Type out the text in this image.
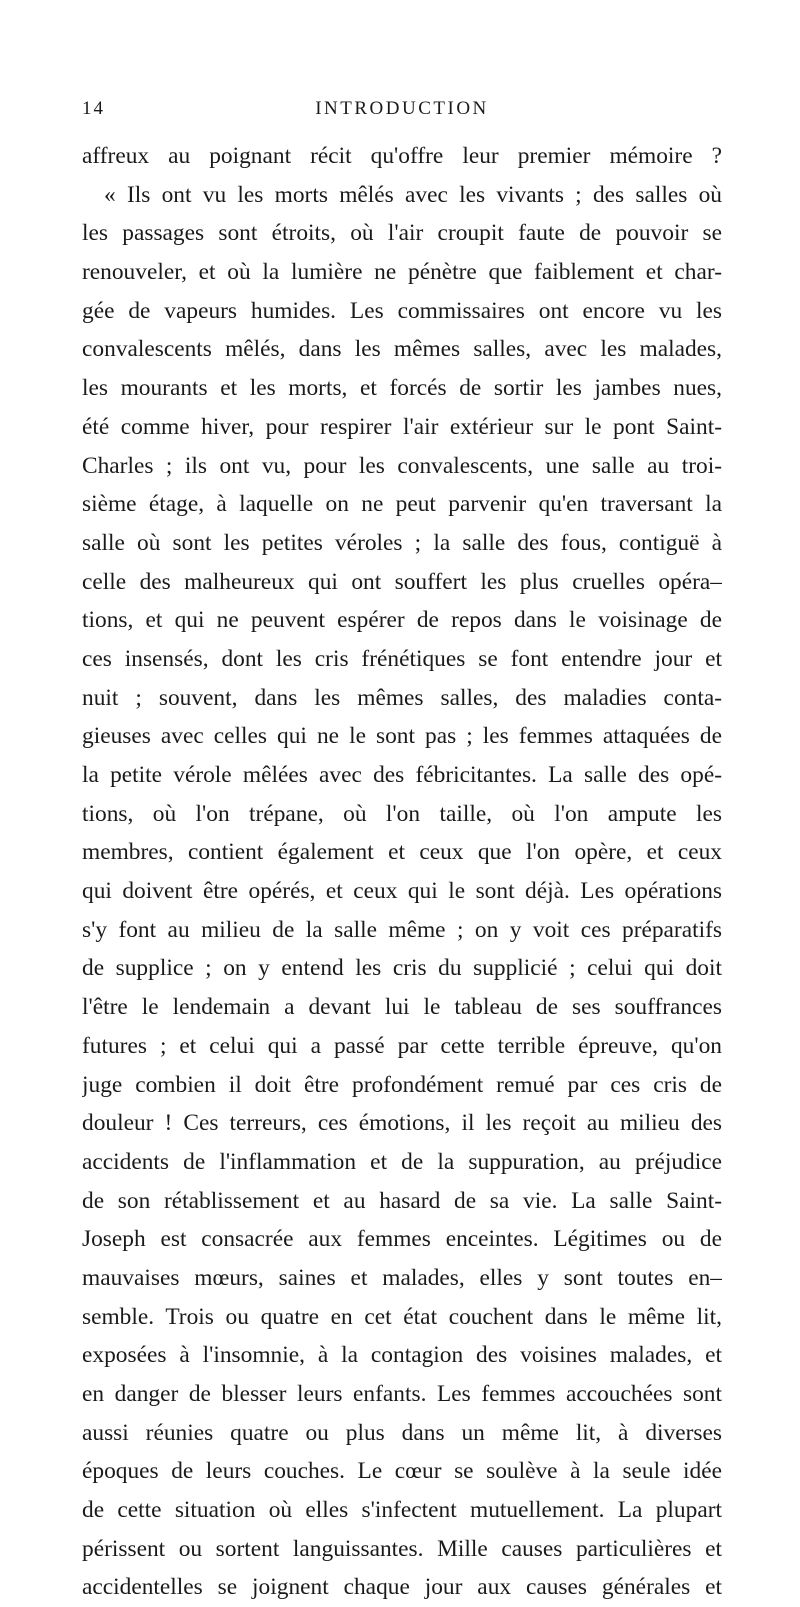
14	INTRODUCTION
affreux au poignant récit qu'offre leur premier mémoire ?
« Ils ont vu les morts mêlés avec les vivants ; des salles où
les passages sont étroits, où l'air croupit faute de pouvoir se
renouveler, et où la lumière ne pénètre que faiblement et char-
gée de vapeurs humides. Les commissaires ont encore vu les
convalescents mêlés, dans les mêmes salles, avec les malades,
les mourants et les morts, et forcés de sortir les jambes nues,
été comme hiver, pour respirer l'air extérieur sur le pont Saint-
Charles ; ils ont vu, pour les convalescents, une salle au troi-
sième étage, à laquelle on ne peut parvenir qu'en traversant la
salle où sont les petites véroles ; la salle des fous, contiguë à
celle des malheureux qui ont souffert les plus cruelles opéra–
tions, et qui ne peuvent espérer de repos dans le voisinage de
ces insensés, dont les cris frénétiques se font entendre jour et
nuit ; souvent, dans les mêmes salles, des maladies conta-
gieuses avec celles qui ne le sont pas ; les femmes attaquées de
la petite vérole mêlées avec des fébricitantes. La salle des opé-
tions, où l'on trépane, où l'on taille, où l'on ampute les
membres, contient également et ceux que l'on opère, et ceux
qui doivent être opérés, et ceux qui le sont déjà. Les opérations
s'y font au milieu de la salle même ; on y voit ces préparatifs
de supplice ; on y entend les cris du supplicié ; celui qui doit
l'être le lendemain a devant lui le tableau de ses souffrances
futures ; et celui qui a passé par cette terrible épreuve, qu'on
juge combien il doit être profondément remué par ces cris de
douleur ! Ces terreurs, ces émotions, il les reçoit au milieu des
accidents de l'inflammation et de la suppuration, au préjudice
de son rétablissement et au hasard de sa vie. La salle Saint-
Joseph est consacrée aux femmes enceintes. Légitimes ou de
mauvaises mœurs, saines et malades, elles y sont toutes en–
semble. Trois ou quatre en cet état couchent dans le même lit,
exposées à l'insomnie, à la contagion des voisines malades, et
en danger de blesser leurs enfants. Les femmes accouchées sont
aussi réunies quatre ou plus dans un même lit, à diverses
époques de leurs couches. Le cœur se soulève à la seule idée
de cette situation où elles s'infectent mutuellement. La plupart
périssent ou sortent languissantes. Mille causes particulières et
accidentelles se joignent chaque jour aux causes générales et
